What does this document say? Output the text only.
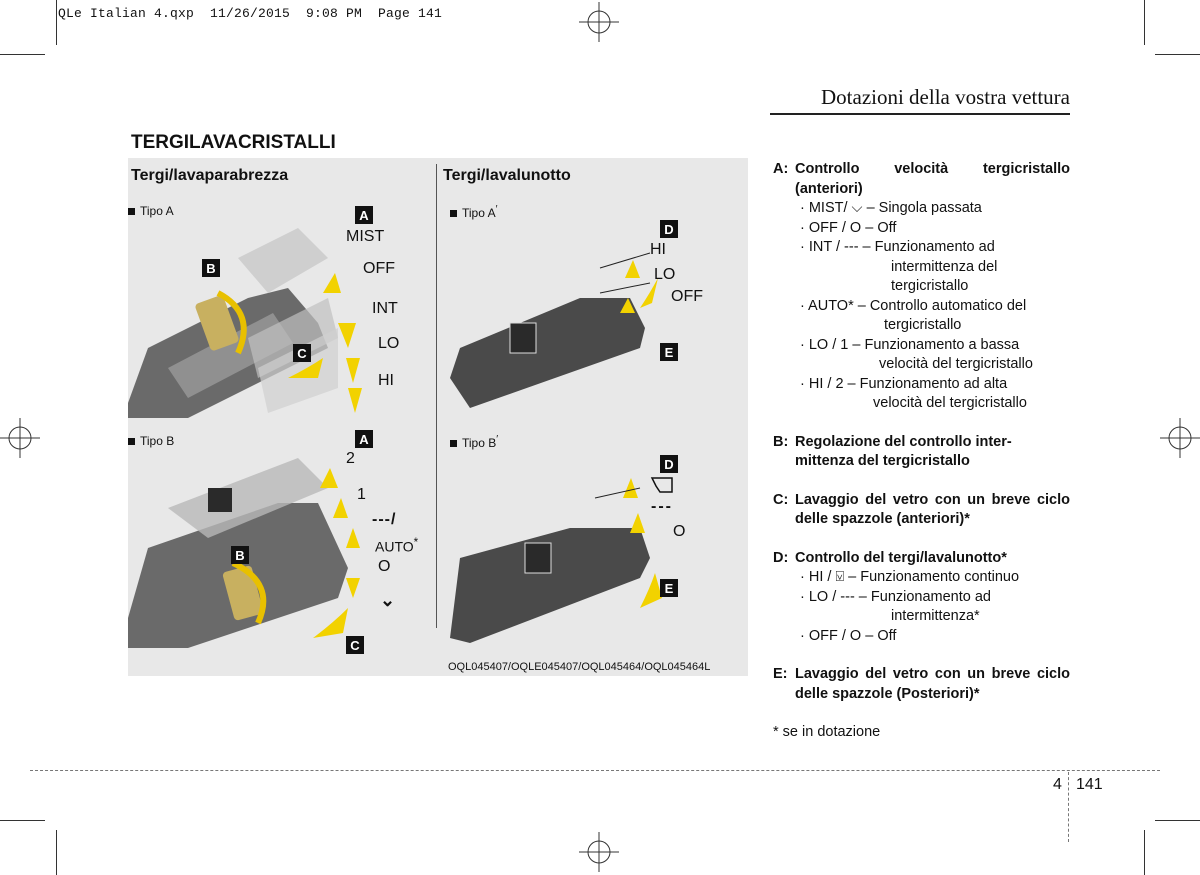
QLe Italian 4.qxp  11/26/2015  9:08 PM  Page 141
Dotazioni della vostra vettura
TERGILAVACRISTALLI
Tergi/lavaparabrezza	Tergi/lavalunotto
Tipo A	Tipo A′
Tipo B	Tipo B′
A
B
C
A
B
C
D
E
D
E
MIST
OFF
INT
LO
HI
2
1
---/
AUTO*
O
⌄
HI
LO
OFF
---
O
OQL045407/OQLE045407/OQL045464/OQL045464L
A: Controllo velocità tergicristallo (anteriori)
· MIST/ ⌵ – Singola passata
· OFF / O – Off
· INT / --- – Funzionamento ad
intermittenza del
tergicristallo
· AUTO* – Controllo automatico del
tergicristallo
· LO / 1 – Funzionamento a bassa
velocità del tergicristallo
· HI / 2 – Funzionamento ad alta
velocità del tergicristallo
B: Regolazione del controllo inter-
mittenza del tergicristallo
C: Lavaggio del vetro con un breve ciclo delle spazzole (anteriori)*
D: Controllo del tergi/lavalunotto*
· HI / ⍌ – Funzionamento continuo
· LO / --- – Funzionamento ad
intermittenza*
· OFF / O – Off
E: Lavaggio del vetro con un breve ciclo delle spazzole (Posteriori)*
* se in dotazione
4 141
